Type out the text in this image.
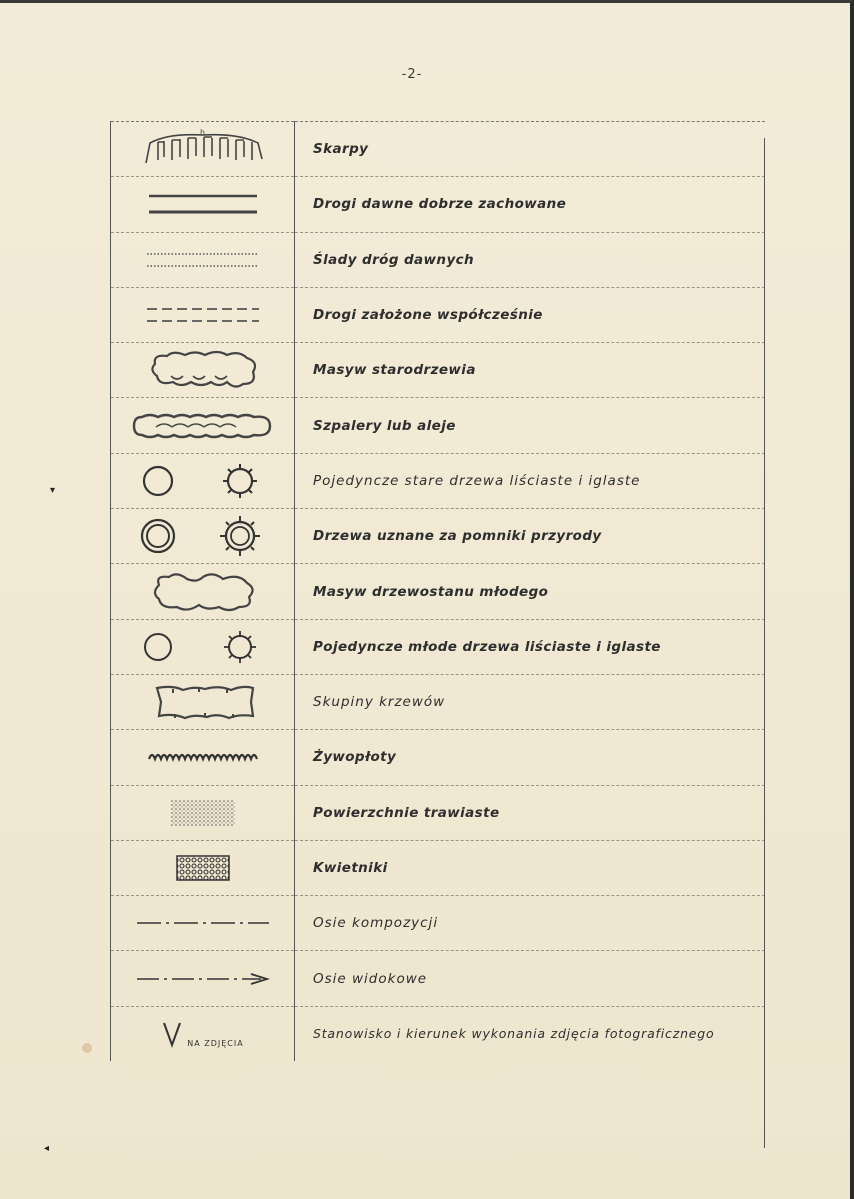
-2-
h	Skarpy

	Drogi dawne dobrze zachowane

	Ślady dróg dawnych

	Drogi założone współcześnie

	Masyw starodrzewia

	Szpalery lub aleje

	Pojedyncze stare drzewa liściaste i iglaste

	Drzewa uznane za pomniki przyrody

	Masyw drzewostanu młodego

	Pojedyncze młode drzewa liściaste i iglaste

	Skupiny krzewów

	Żywopłoty

	Powierzchnie trawiaste

	Kwietniki

	Osie kompozycji

	Osie widokowe

NA ZDJĘCIA	Stanowisko i kierunek wykonania zdjęcia fotograficznego
▾
◂
